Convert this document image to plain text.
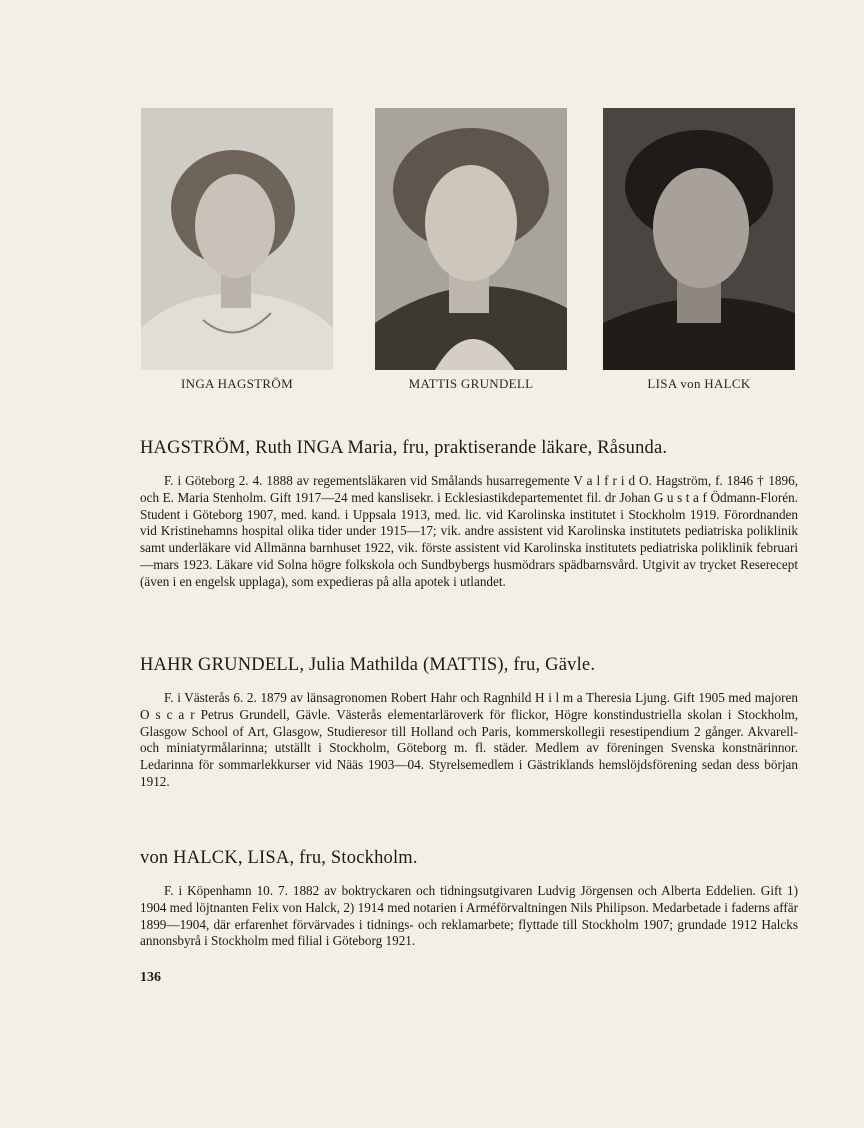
INGA HAGSTRÖM	MATTIS GRUNDELL	LISA von HALCK
HAGSTRÖM, Ruth INGA Maria, fru, praktiserande läkare, Råsunda.

F. i Göteborg 2. 4. 1888 av regementsläkaren vid Smålands husarregemente V a l f r i d O. Hagström, f. 1846 † 1896, och E. Maria Stenholm. Gift 1917—24 med kanslisekr. i Ecklesiastikdepartementet fil. dr Johan G u s t a f Ödmann-Florén. Student i Göteborg 1907, med. kand. i Uppsala 1913, med. lic. vid Karolinska institutet i Stockholm 1919. Förordnanden vid Kristinehamns hospital olika tider under 1915—17; vik. andre assistent vid Karolinska institutets pediatriska poliklinik samt underläkare vid Allmänna barnhuset 1922, vik. förste assistent vid Karolinska institutets pediatriska poliklinik februari—mars 1923. Läkare vid Solna högre folkskola och Sundbybergs husmödrars spädbarnsvård. Utgivit av trycket Reserecept (även i en engelsk upplaga), som expedieras på alla apotek i utlandet.

HAHR GRUNDELL, Julia Mathilda (MATTIS), fru, Gävle.

F. i Västerås 6. 2. 1879 av länsagronomen Robert Hahr och Ragnhild H i l m a Theresia Ljung. Gift 1905 med majoren O s c a r Petrus Grundell, Gävle. Västerås elementarläroverk för flickor, Högre konstindustriella skolan i Stockholm, Glasgow School of Art, Glasgow, Studieresor till Holland och Paris, kommerskollegii resestipendium 2 gånger. Akvarell- och miniatyrmålarinna; utställt i Stockholm, Göteborg m. fl. städer. Medlem av föreningen Svenska konstnärinnor. Ledarinna för sommarlekkurser vid Nääs 1903—04. Styrelsemedlem i Gästriklands hemslöjdsförening sedan dess början 1912.

von HALCK, LISA, fru, Stockholm.

F. i Köpenhamn 10. 7. 1882 av boktryckaren och tidningsutgivaren Ludvig Jörgensen och Alberta Eddelien. Gift 1) 1904 med löjtnanten Felix von Halck, 2) 1914 med notarien i Arméförvaltningen Nils Philipson. Medarbetade i faderns affär 1899—1904, där erfarenhet förvärvades i tidnings- och reklamarbete; flyttade till Stockholm 1907; grundade 1912 Halcks annonsbyrå i Stockholm med filial i Göteborg 1921.

136
